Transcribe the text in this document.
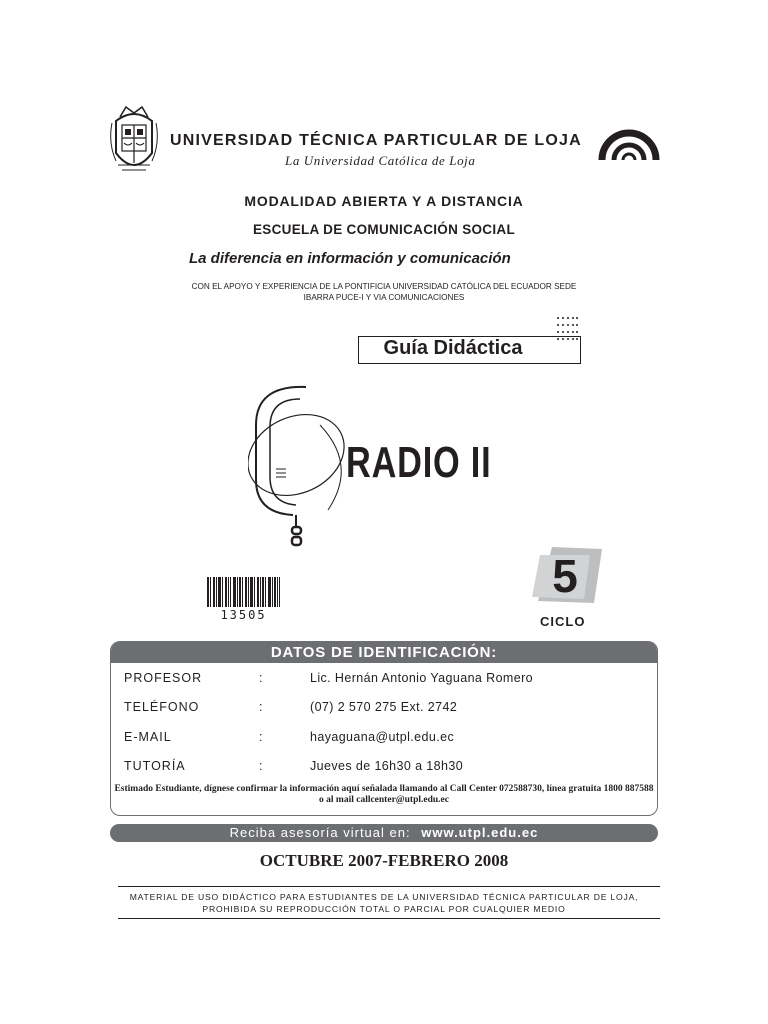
UNIVERSIDAD TÉCNICA PARTICULAR DE LOJA
La Universidad Católica de Loja
MODALIDAD ABIERTA Y A DISTANCIA
ESCUELA DE COMUNICACIÓN SOCIAL
La diferencia en información y comunicación
CON EL APOYO Y EXPERIENCIA DE LA PONTIFICIA UNIVERSIDAD CATÓLICA DEL ECUADOR SEDE
IBARRA PUCE-I Y VIA COMUNICACIONES
Guía Didáctica
RADIO II
13505
5
CICLO
DATOS DE IDENTIFICACIÓN:
PROFESOR	:	Lic. Hernán Antonio Yaguana Romero
TELÉFONO	:	(07) 2 570 275 Ext. 2742
E-MAIL	:	hayaguana@utpl.edu.ec
TUTORÍA	:	Jueves de 16h30 a 18h30
Estimado Estudiante, dígnese confirmar la información aquí señalada llamando al Call Center 072588730, línea gratuita 1800 887588
o al mail callcenter@utpl.edu.ec
Reciba asesoría virtual en: www.utpl.edu.ec
OCTUBRE 2007-FEBRERO 2008
MATERIAL DE USO DIDÁCTICO PARA ESTUDIANTES DE LA UNIVERSIDAD TÉCNICA PARTICULAR DE LOJA,
PROHIBIDA SU REPRODUCCIÓN TOTAL O PARCIAL POR CUALQUIER MEDIO
